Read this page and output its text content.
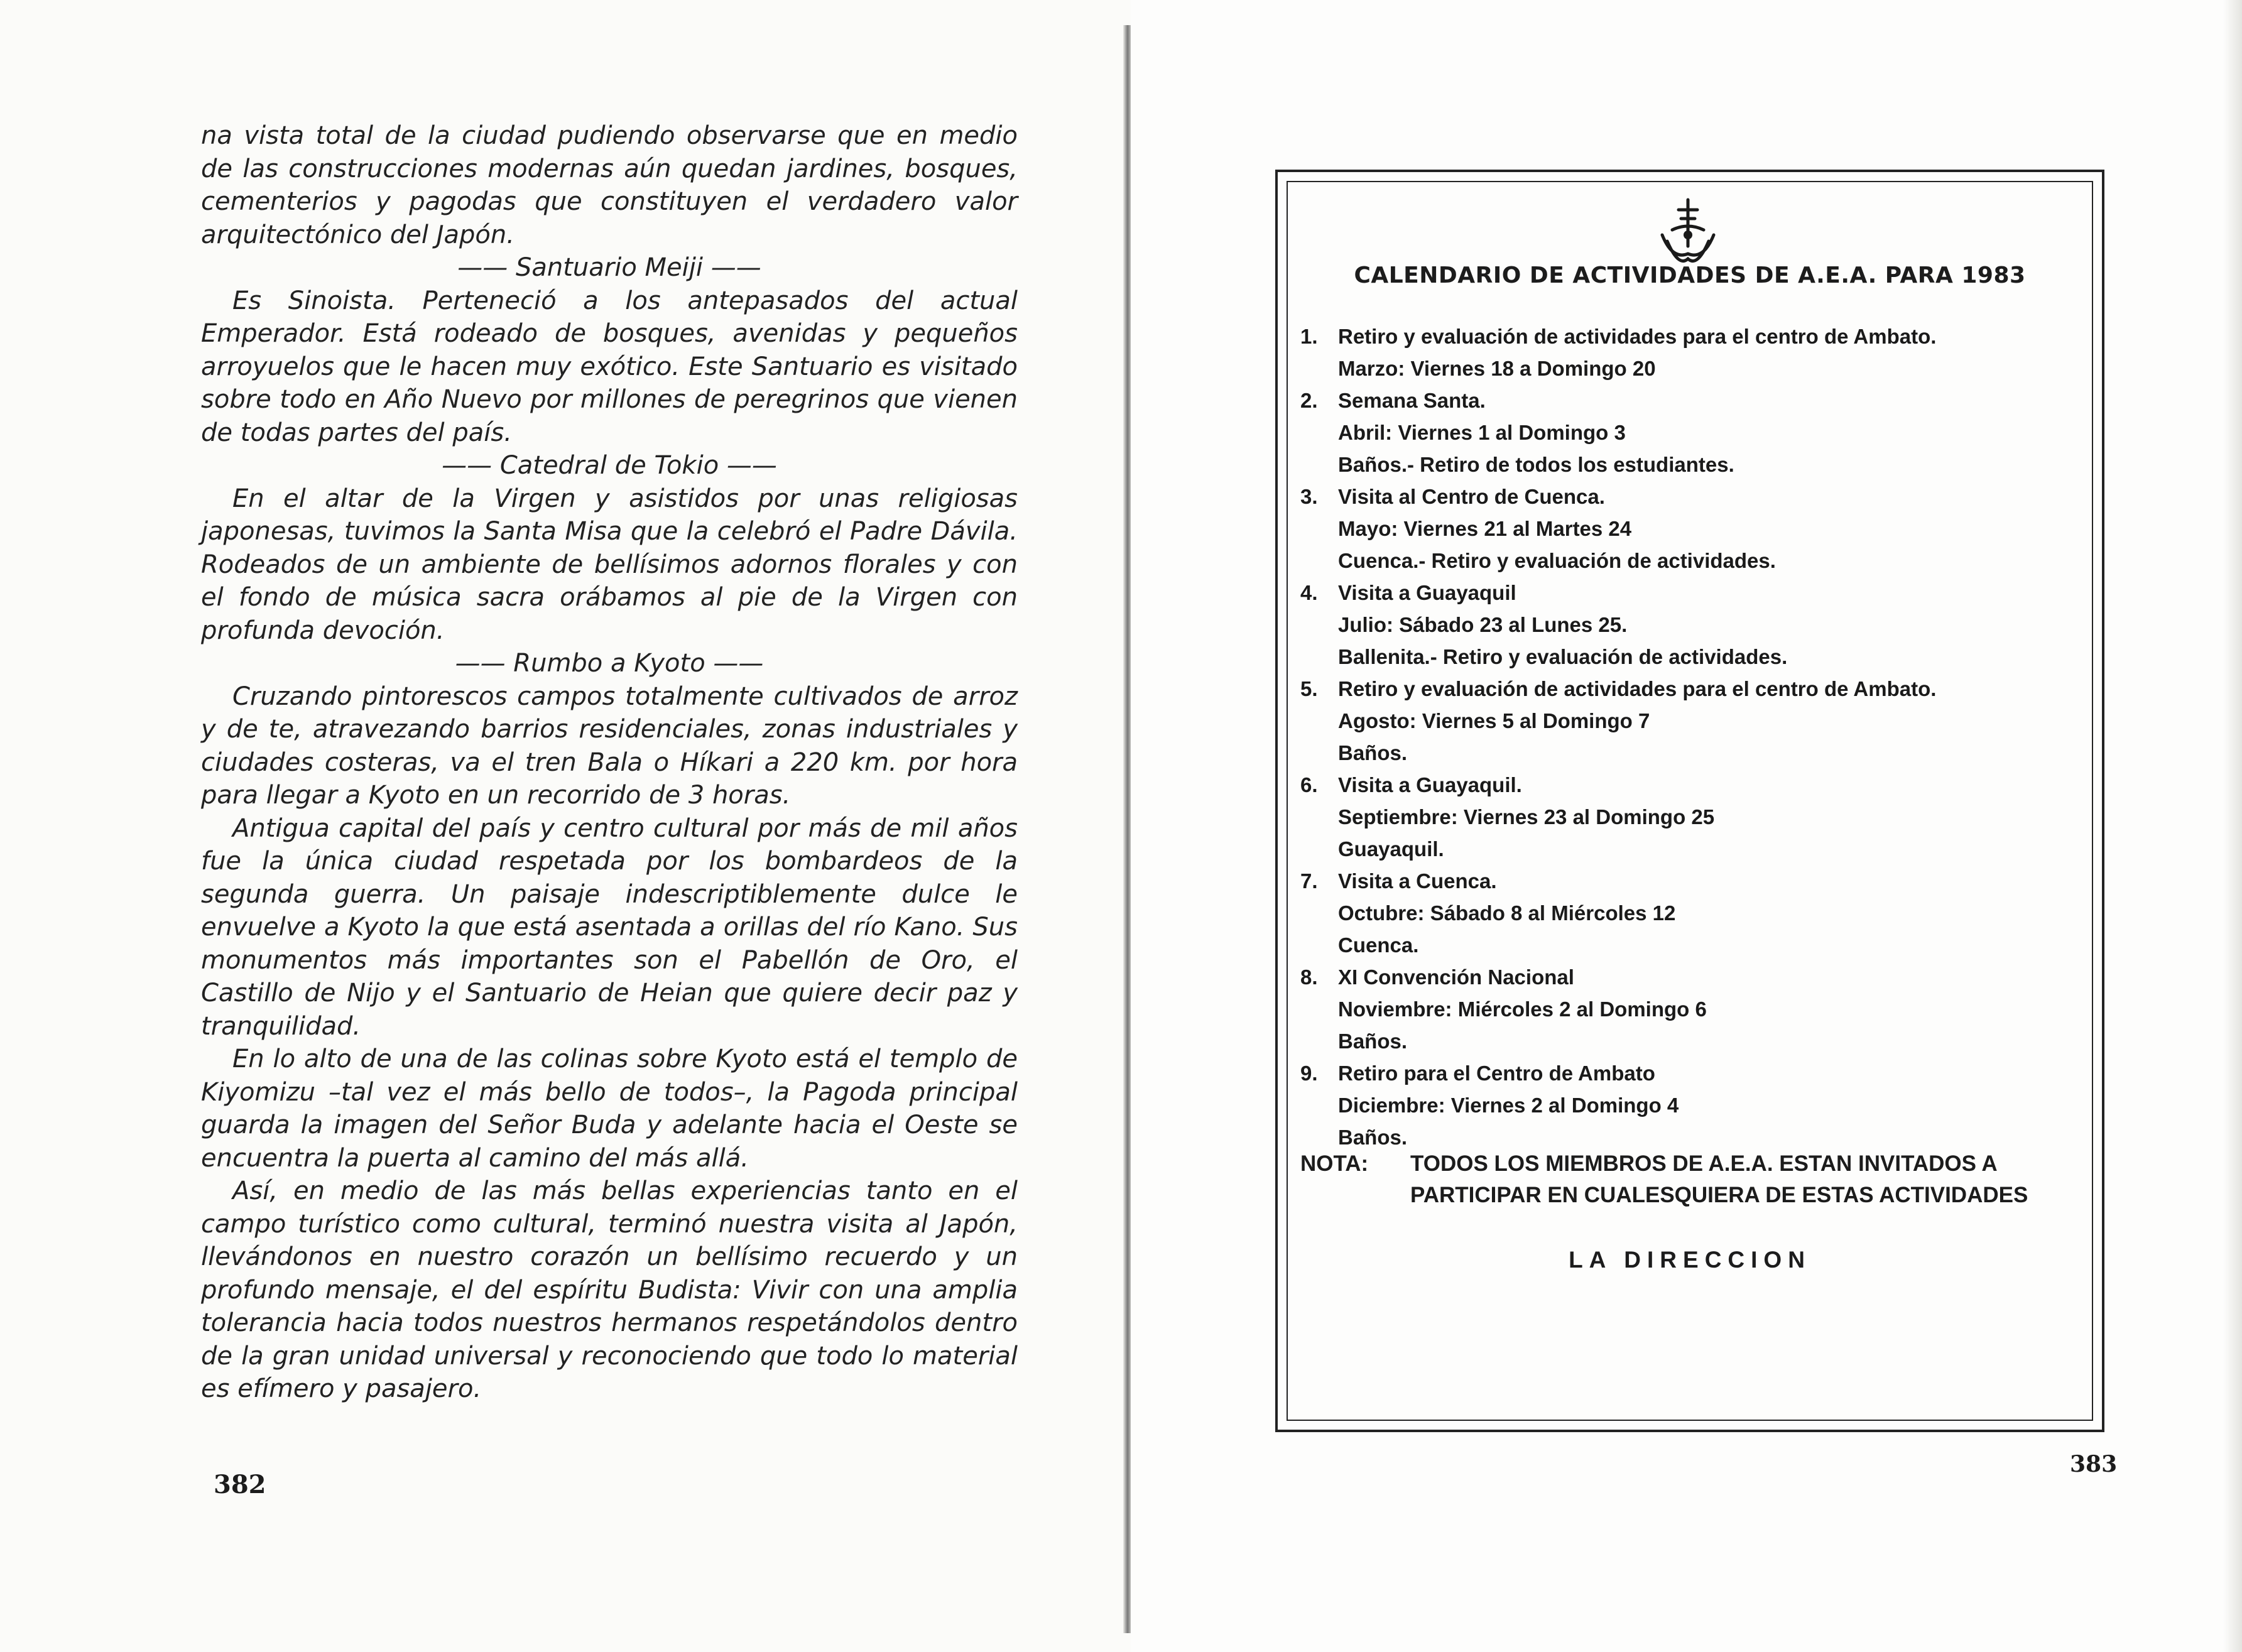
na vista total de la ciudad pudiendo observarse que en medio de las construcciones modernas aún quedan jardines, bosques, cementerios y pagodas que constituyen el verdadero valor arquitectónico del Japón.

—— Santuario Meiji ——

Es Sinoista. Perteneció a los antepasados del actual Emperador. Está rodeado de bosques, avenidas y pequeños arroyuelos que le hacen muy exótico. Este Santuario es visitado sobre todo en Año Nuevo por millones de peregrinos que vienen de todas partes del país.

—— Catedral de Tokio ——

En el altar de la Virgen y asistidos por unas religiosas japonesas, tuvimos la Santa Misa que la celebró el Padre Dávila. Rodeados de un ambiente de bellísimos adornos florales y con el fondo de música sacra orábamos al pie de la Virgen con profunda devoción.

—— Rumbo a Kyoto ——

Cruzando pintorescos campos totalmente cultivados de arroz y de te, atravezando barrios residenciales, zonas industriales y ciudades costeras, va el tren Bala o Híkari a 220 km. por hora para llegar a Kyoto en un recorrido de 3 horas.

Antigua capital del país y centro cultural por más de mil años fue la única ciudad respetada por los bombardeos de la segunda guerra. Un paisaje indescriptiblemente dulce le envuelve a Kyoto la que está asentada a orillas del río Kano. Sus monumentos más importantes son el Pabellón de Oro, el Castillo de Nijo y el Santuario de Heian que quiere decir paz y tranquilidad.

En lo alto de una de las colinas sobre Kyoto está el templo de Kiyomizu –tal vez el más bello de todos–, la Pagoda principal guarda la imagen del Señor Buda y adelante hacia el Oeste se encuentra la puerta al camino del más allá.

Así, en medio de las más bellas experiencias tanto en el campo turístico como cultural, terminó nuestra visita al Japón, llevándonos en nuestro corazón un bellísimo recuerdo y un profundo mensaje, el del espíritu Budista: Vivir con una amplia tolerancia hacia todos nuestros hermanos respetándolos dentro de la gran unidad universal y reconociendo que todo lo material es efímero y pasajero.

382
CALENDARIO DE ACTIVIDADES DE A.E.A. PARA 1983
1. Retiro y evaluación de actividades para el centro de Ambato.
Marzo: Viernes 18 a Domingo 20
2. Semana Santa.
Abril: Viernes 1 al Domingo 3
Baños.- Retiro de todos los estudiantes.
3. Visita al Centro de Cuenca.
Mayo: Viernes 21 al Martes 24
Cuenca.- Retiro y evaluación de actividades.
4. Visita a Guayaquil
Julio: Sábado 23 al Lunes 25.
Ballenita.- Retiro y evaluación de actividades.
5. Retiro y evaluación de actividades para el centro de Ambato.
Agosto: Viernes 5 al Domingo 7
Baños.
6. Visita a Guayaquil.
Septiembre: Viernes 23 al Domingo 25
Guayaquil.
7. Visita a Cuenca.
Octubre: Sábado 8 al Miércoles 12
Cuenca.
8. XI Convención Nacional
Noviembre: Miércoles 2 al Domingo 6
Baños.
9. Retiro para el Centro de Ambato
Diciembre: Viernes 2 al Domingo 4
Baños.
NOTA: TODOS LOS MIEMBROS DE A.E.A. ESTAN INVITADOS A PARTICIPAR EN CUALESQUIERA DE ESTAS ACTIVIDADES
LA DIRECCION
383
